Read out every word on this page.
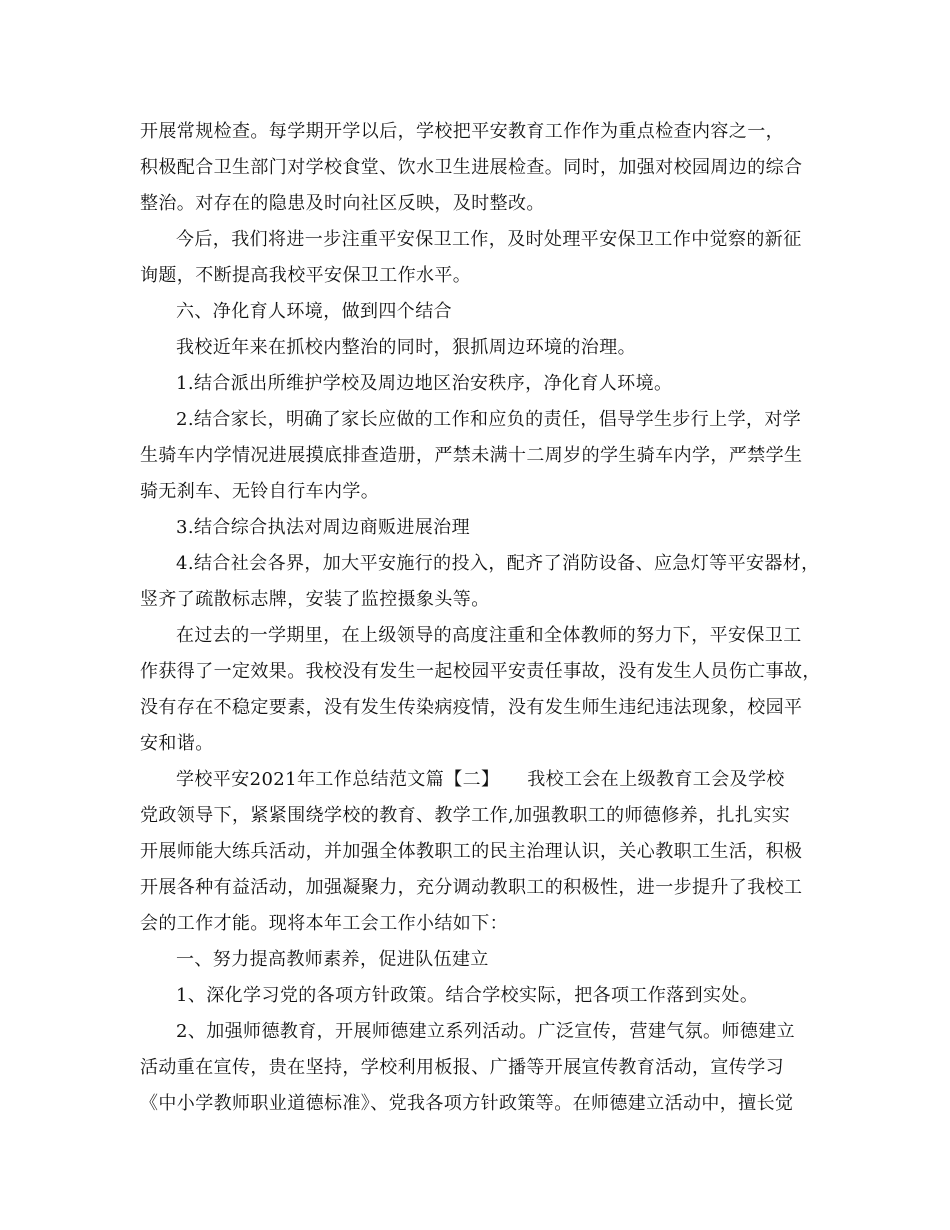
开展常规检查。每学期开学以后，学校把平安教育工作作为重点检查内容之一，
积极配合卫生部门对学校食堂、饮水卫生进展检查。同时，加强对校园周边的综合
整治。对存在的隐患及时向社区反映，及时整改。
今后，我们将进一步注重平安保卫工作，及时处理平安保卫工作中觉察的新征
询题，不断提高我校平安保卫工作水平。
六、净化育人环境，做到四个结合
我校近年来在抓校内整治的同时，狠抓周边环境的治理。
1.结合派出所维护学校及周边地区治安秩序，净化育人环境。
2.结合家长，明确了家长应做的工作和应负的责任，倡导学生步行上学，对学
生骑车内学情况进展摸底排查造册，严禁未满十二周岁的学生骑车内学，严禁学生
骑无刹车、无铃自行车内学。
3.结合综合执法对周边商贩进展治理
4.结合社会各界，加大平安施行的投入，配齐了消防设备、应急灯等平安器材，
竖齐了疏散标志牌，安装了监控摄象头等。
在过去的一学期里，在上级领导的高度注重和全体教师的努力下，平安保卫工
作获得了一定效果。我校没有发生一起校园平安责任事故，没有发生人员伤亡事故，
没有存在不稳定要素，没有发生传染病疫情，没有发生师生违纪违法现象，校园平
安和谐。
学校平安2021年工作总结范文篇【二】　　我校工会在上级教育工会及学校
党政领导下，紧紧围绕学校的教育、教学工作,加强教职工的师德修养，扎扎实实
开展师能大练兵活动，并加强全体教职工的民主治理认识，关心教职工生活，积极
开展各种有益活动，加强凝聚力，充分调动教职工的积极性，进一步提升了我校工
会的工作才能。现将本年工会工作小结如下：
一、努力提高教师素养，促进队伍建立
1、深化学习党的各项方针政策。结合学校实际，把各项工作落到实处。
2、加强师德教育，开展师德建立系列活动。广泛宣传，营建气氛。师德建立
活动重在宣传，贵在坚持，学校利用板报、广播等开展宣传教育活动，宣传学习
《中小学教师职业道德标准》、党我各项方针政策等。在师德建立活动中，擅长觉
